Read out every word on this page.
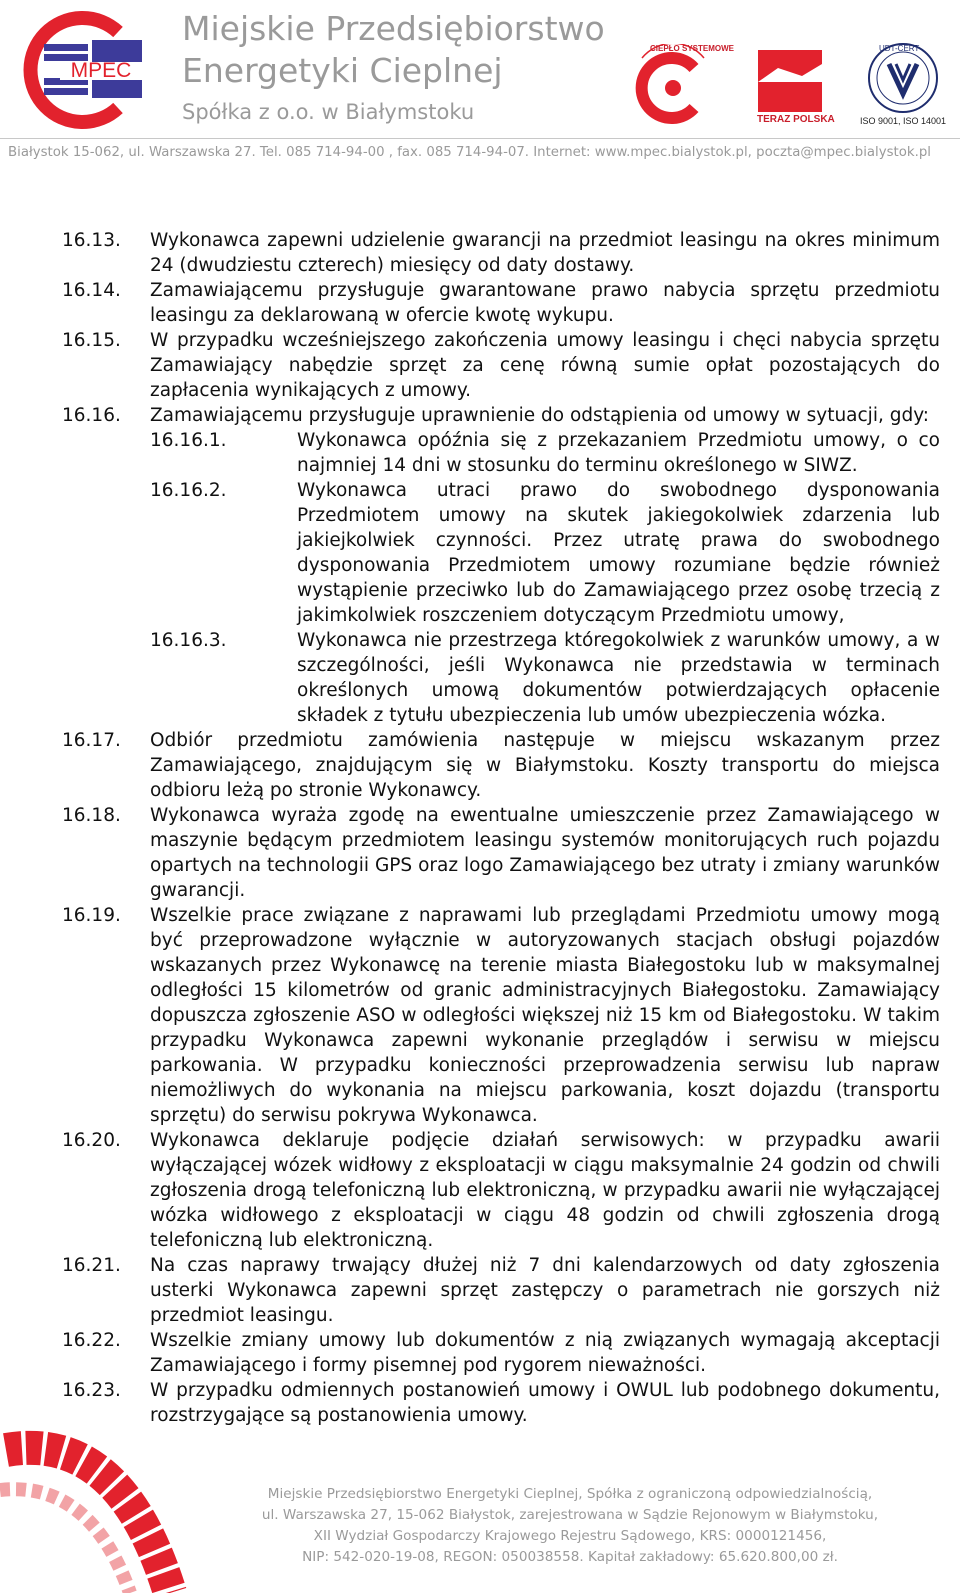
MPEC
Miejskie Przedsiębiorstwo
Energetyki Cieplnej
Spółka z o.o. w Białymstoku
CIEPŁO SYSTEMOWE
TERAZ POLSKA
UDT-CERT
ISO 9001, ISO 14001
Białystok 15-062, ul. Warszawska 27. Tel. 085 714-94-00 , fax. 085 714-94-07. Internet: www.mpec.bialystok.pl, poczta@mpec.bialystok.pl
16.13. Wykonawca zapewni udzielenie gwarancji na przedmiot leasingu na okres minimum 24 (dwudziestu czterech) miesięcy od daty dostawy.
16.14. Zamawiającemu przysługuje gwarantowane prawo nabycia sprzętu przedmiotu leasingu za deklarowaną w ofercie kwotę wykupu.
16.15. W przypadku wcześniejszego zakończenia umowy leasingu i chęci nabycia sprzętu Zamawiający nabędzie sprzęt za cenę równą sumie opłat pozostających do zapłacenia wynikających z umowy.
16.16. Zamawiającemu przysługuje uprawnienie do odstąpienia od umowy w sytuacji, gdy:
16.16.1.	Wykonawca opóźnia się z przekazaniem Przedmiotu umowy, o co najmniej 14 dni w stosunku do terminu określonego w SIWZ.
16.16.2.	Wykonawca utraci prawo do swobodnego dysponowania Przedmiotem umowy na skutek jakiegokolwiek zdarzenia lub jakiejkolwiek czynności. Przez utratę prawa do swobodnego dysponowania Przedmiotem umowy rozumiane będzie również wystąpienie przeciwko lub do Zamawiającego przez osobę trzecią z jakimkolwiek roszczeniem dotyczącym Przedmiotu umowy,
16.16.3.	Wykonawca nie przestrzega któregokolwiek z warunków umowy, a w szczególności, jeśli Wykonawca nie przedstawia w terminach określonych umową dokumentów potwierdzających opłacenie składek z tytułu ubezpieczenia lub umów ubezpieczenia wózka.
16.17. Odbiór przedmiotu zamówienia następuje w miejscu wskazanym przez Zamawiającego, znajdującym się w Białymstoku. Koszty transportu do miejsca odbioru leżą po stronie Wykonawcy.
16.18. Wykonawca wyraża zgodę na ewentualne umieszczenie przez Zamawiającego w maszynie będącym przedmiotem leasingu systemów monitorujących ruch pojazdu opartych na technologii GPS oraz logo Zamawiającego bez utraty i zmiany warunków gwarancji.
16.19. Wszelkie prace związane z naprawami lub przeglądami Przedmiotu umowy mogą być przeprowadzone wyłącznie w autoryzowanych stacjach obsługi pojazdów wskazanych przez Wykonawcę na terenie miasta Białegostoku lub w maksymalnej odległości 15 kilometrów od granic administracyjnych Białegostoku. Zamawiający dopuszcza zgłoszenie ASO w odległości większej niż 15 km od Białegostoku. W takim przypadku Wykonawca zapewni wykonanie przeglądów i serwisu w miejscu parkowania. W przypadku konieczności przeprowadzenia serwisu lub napraw niemożliwych do wykonania na miejscu parkowania, koszt dojazdu (transportu sprzętu) do serwisu pokrywa Wykonawca.
16.20. Wykonawca deklaruje podjęcie działań serwisowych: w przypadku awarii wyłączającej wózek widłowy z eksploatacji w ciągu maksymalnie 24 godzin od chwili zgłoszenia drogą telefoniczną lub elektroniczną, w przypadku awarii nie wyłączającej wózka widłowego z eksploatacji w ciągu 48 godzin od chwili zgłoszenia drogą telefoniczną lub elektroniczną.
16.21. Na czas naprawy trwający dłużej niż 7 dni kalendarzowych od daty zgłoszenia usterki Wykonawca zapewni sprzęt zastępczy o parametrach nie gorszych niż przedmiot leasingu.
16.22. Wszelkie zmiany umowy lub dokumentów z nią związanych wymagają akceptacji Zamawiającego i formy pisemnej pod rygorem nieważności.
16.23. W przypadku odmiennych postanowień umowy i OWUL lub podobnego dokumentu, rozstrzygające są postanowienia umowy.
Miejskie Przedsiębiorstwo Energetyki Cieplnej, Spółka z ograniczoną odpowiedzialnością,
ul. Warszawska 27, 15-062 Białystok, zarejestrowana w Sądzie Rejonowym w Białymstoku,
XII Wydział Gospodarczy Krajowego Rejestru Sądowego, KRS: 0000121456,
NIP: 542-020-19-08, REGON: 050038558. Kapitał zakładowy: 65.620.800,00 zł.
